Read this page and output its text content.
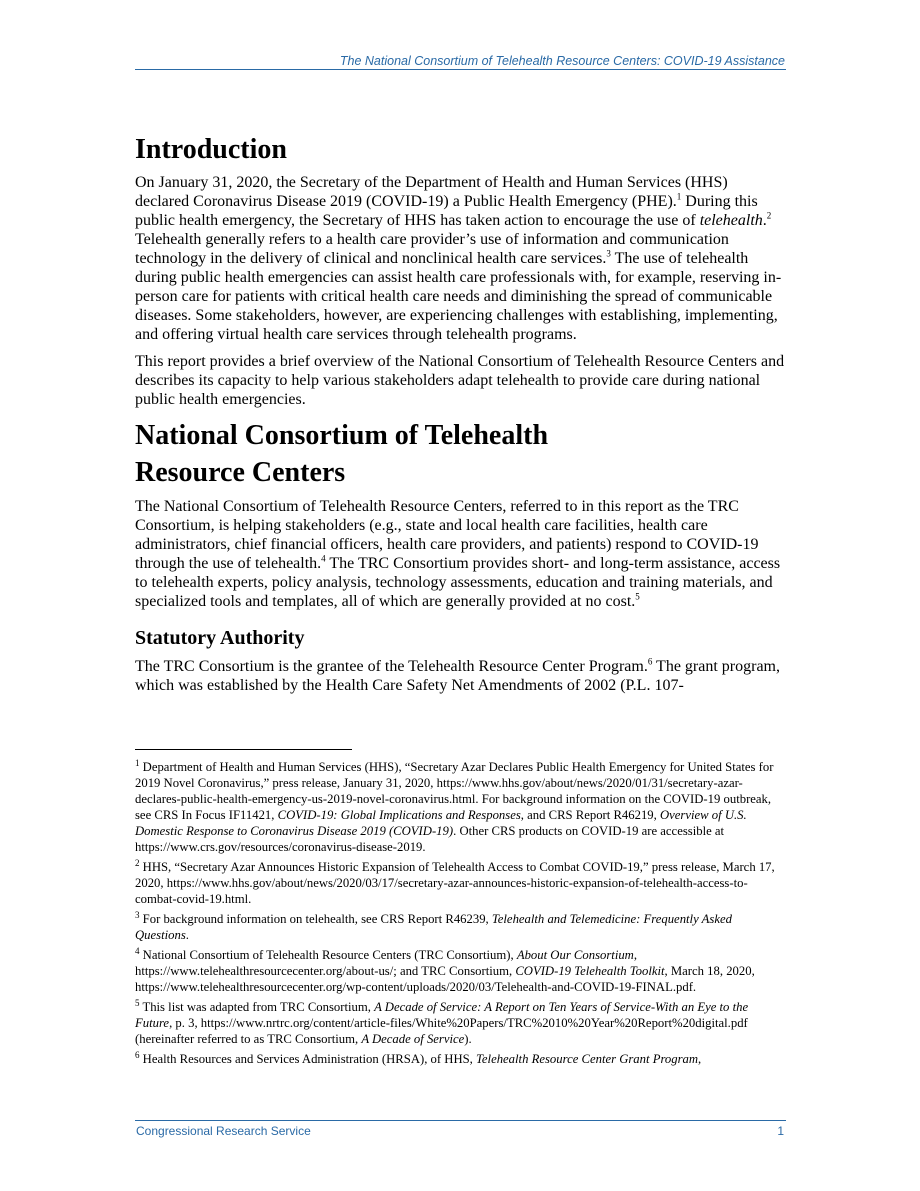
The National Consortium of Telehealth Resource Centers: COVID-19 Assistance
Introduction

On January 31, 2020, the Secretary of the Department of Health and Human Services (HHS) declared Coronavirus Disease 2019 (COVID-19) a Public Health Emergency (PHE).$^1$ During this public health emergency, the Secretary of HHS has taken action to encourage the use of telehealth.$^2$ Telehealth generally refers to a health care provider’s use of information and communication technology in the delivery of clinical and nonclinical health care services.$^3$ The use of telehealth during public health emergencies can assist health care professionals with, for example, reserving in-person care for patients with critical health care needs and diminishing the spread of communicable diseases. Some stakeholders, however, are experiencing challenges with establishing, implementing, and offering virtual health care services through telehealth programs.

This report provides a brief overview of the National Consortium of Telehealth Resource Centers and describes its capacity to help various stakeholders adapt telehealth to provide care during national public health emergencies.

National Consortium of Telehealth
Resource Centers

The National Consortium of Telehealth Resource Centers, referred to in this report as the TRC Consortium, is helping stakeholders (e.g., state and local health care facilities, health care administrators, chief financial officers, health care providers, and patients) respond to COVID-19 through the use of telehealth.$^4$ The TRC Consortium provides short- and long-term assistance, access to telehealth experts, policy analysis, technology assessments, education and training materials, and specialized tools and templates, all of which are generally provided at no cost.$^5$

Statutory Authority

The TRC Consortium is the grantee of the Telehealth Resource Center Program.$^6$ The grant program, which was established by the Health Care Safety Net Amendments of 2002 (P.L. 107-

$^1$ Department of Health and Human Services (HHS), “Secretary Azar Declares Public Health Emergency for United States for 2019 Novel Coronavirus,” press release, January 31, 2020, https://www.hhs.gov/about/news/2020/01/31/secretary-azar-declares-public-health-emergency-us-2019-novel-coronavirus.html. For background information on the COVID-19 outbreak, see CRS In Focus IF11421, COVID-19: Global Implications and Responses, and CRS Report R46219, Overview of U.S. Domestic Response to Coronavirus Disease 2019 (COVID-19). Other CRS products on COVID-19 are accessible at https://www.crs.gov/resources/coronavirus-disease-2019.

$^2$ HHS, “Secretary Azar Announces Historic Expansion of Telehealth Access to Combat COVID-19,” press release, March 17, 2020, https://www.hhs.gov/about/news/2020/03/17/secretary-azar-announces-historic-expansion-of-telehealth-access-to-combat-covid-19.html.

$^3$ For background information on telehealth, see CRS Report R46239, Telehealth and Telemedicine: Frequently Asked Questions.

$^4$ National Consortium of Telehealth Resource Centers (TRC Consortium), About Our Consortium, https://www.telehealthresourcecenter.org/about-us/; and TRC Consortium, COVID-19 Telehealth Toolkit, March 18, 2020, https://www.telehealthresourcecenter.org/wp-content/uploads/2020/03/Telehealth-and-COVID-19-FINAL.pdf.

$^5$ This list was adapted from TRC Consortium, A Decade of Service: A Report on Ten Years of Service-With an Eye to the Future, p. 3, https://www.nrtrc.org/content/article-files/White%20Papers/TRC%2010%20Year%20Report%20digital.pdf (hereinafter referred to as TRC Consortium, A Decade of Service).

$^6$ Health Resources and Services Administration (HRSA), of HHS, Telehealth Resource Center Grant Program,

Congressional Research Service	1
